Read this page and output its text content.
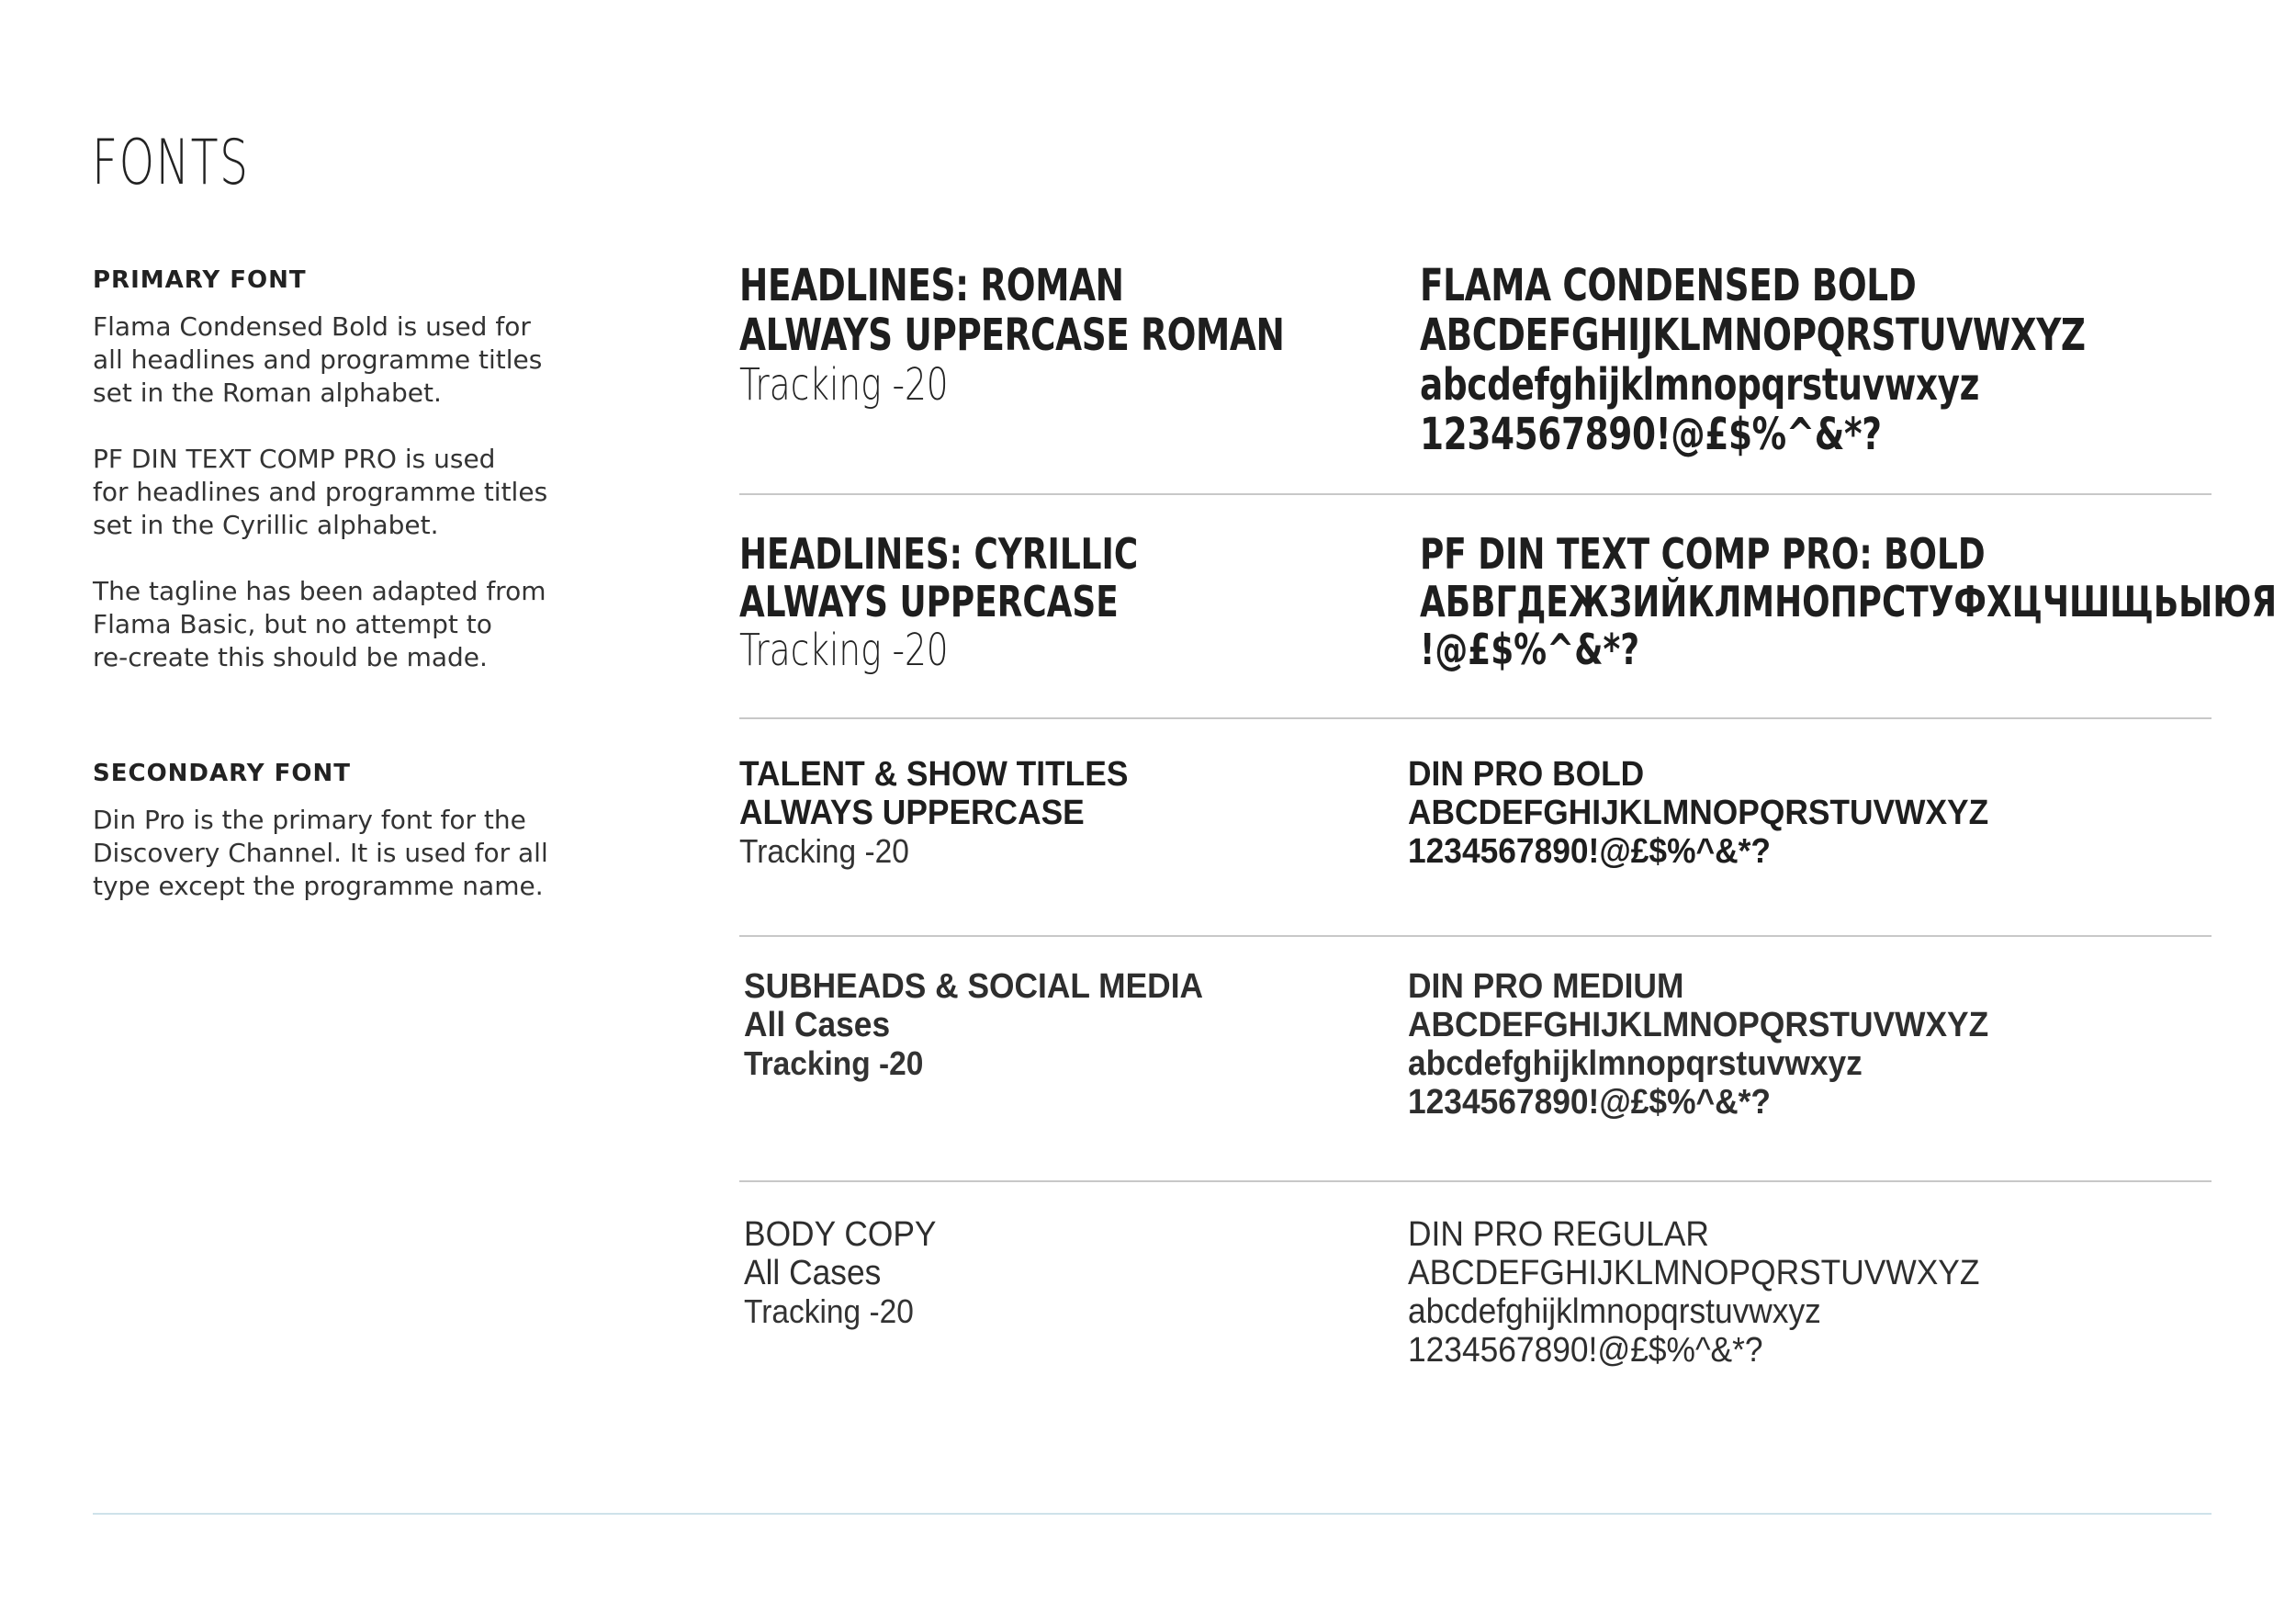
FONTS
PRIMARY FONT

Flama Condensed Bold is used for
all headlines and programme titles
set in the Roman alphabet.

PF DIN TEXT COMP PRO is used
for headlines and programme titles
set in the Cyrillic alphabet.

The tagline has been adapted from
Flama Basic, but no attempt to
re-create this should be made.

SECONDARY FONT

Din Pro is the primary font for the
Discovery Channel. It is used for all
type except the programme name.

HEADLINES: ROMAN
ALWAYS UPPERCASE ROMAN
Tracking -20
FLAMA CONDENSED BOLD
ABCDEFGHIJKLMNOPQRSTUVWXYZ
abcdefghijklmnopqrstuvwxyz
1234567890!@£$%^&*?
HEADLINES: CYRILLIC
ALWAYS UPPERCASE
Tracking -20
PF DIN TEXT COMP PRO: BOLD
АБВГДЕЖЗИЙКЛМНОПРСТУФХЦЧШЩЬЫЮЯ
!@£$%^&*?
TALENT & SHOW TITLES
ALWAYS UPPERCASE
Tracking -20
DIN PRO BOLD
ABCDEFGHIJKLMNOPQRSTUVWXYZ
1234567890!@£$%^&*?
SUBHEADS & SOCIAL MEDIA
All Cases
Tracking -20
DIN PRO MEDIUM
ABCDEFGHIJKLMNOPQRSTUVWXYZ
abcdefghijklmnopqrstuvwxyz
1234567890!@£$%^&*?
BODY COPY
All Cases
Tracking -20
DIN PRO REGULAR
ABCDEFGHIJKLMNOPQRSTUVWXYZ
abcdefghijklmnopqrstuvwxyz
1234567890!@£$%^&*?
